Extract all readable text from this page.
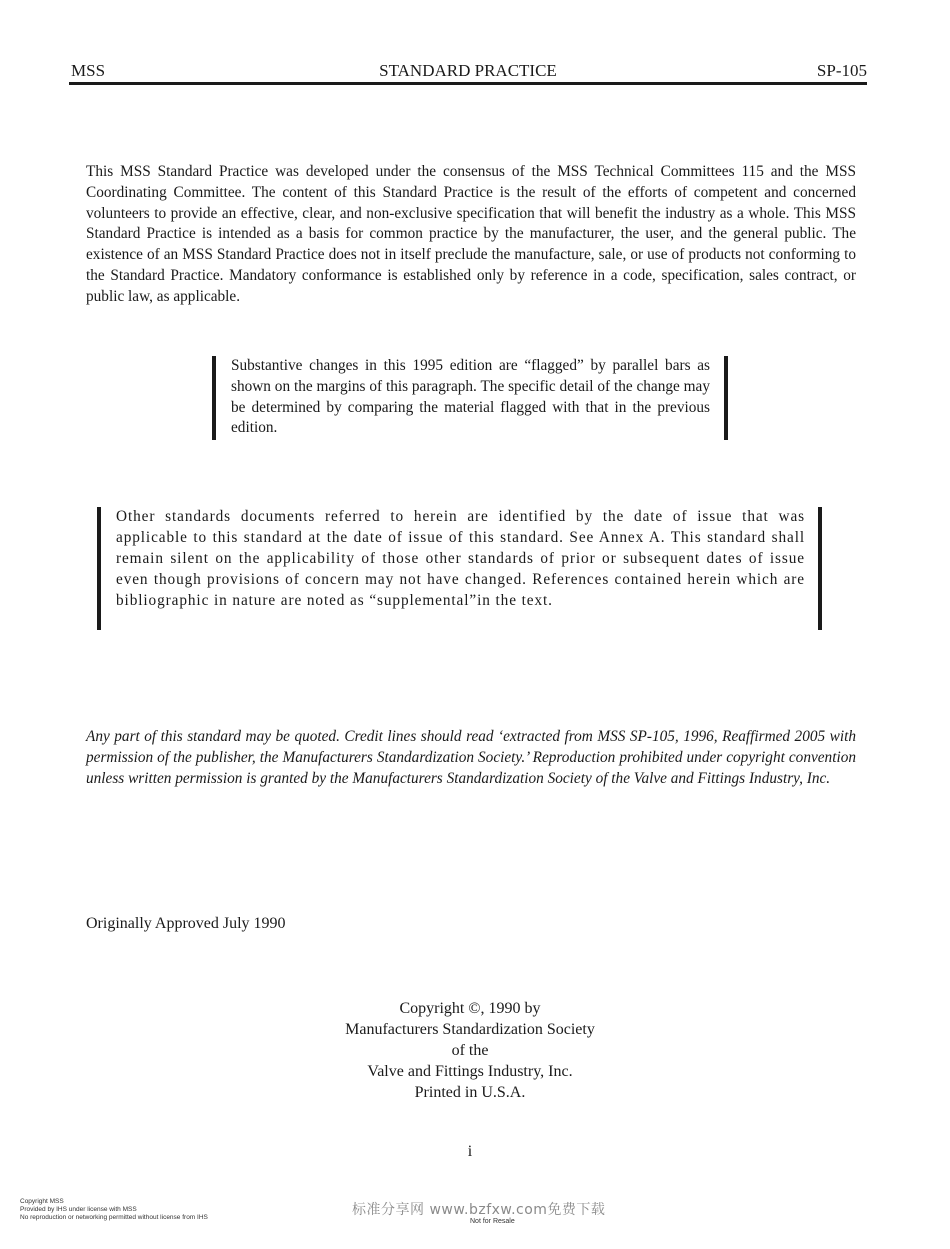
MSS	STANDARD PRACTICE	SP-105

This MSS Standard Practice was developed under the consensus of the MSS Technical Committees 115 and the MSS Coordinating Committee. The content of this Standard Practice is the result of the efforts of competent and concerned volunteers to provide an effective, clear, and non-exclusive specification that will benefit the industry as a whole. This MSS Standard Practice is intended as a basis for common practice by the manufacturer, the user, and the general public. The existence of an MSS Standard Practice does not in itself preclude the manufacture, sale, or use of products not conforming to the Standard Practice. Mandatory conformance is established only by reference in a code, specification, sales contract, or public law, as applicable.

Substantive changes in this 1995 edition are “flagged” by parallel bars as shown on the margins of this paragraph. The specific detail of the change may be determined by comparing the material flagged with that in the previous edition.

Other standards documents referred to herein are identified by the date of issue that was applicable to this standard at the date of issue of this standard. See Annex A. This standard shall remain silent on the applicability of those other standards of prior or subsequent dates of issue even though provisions of concern may not have changed. References contained herein which are bibliographic in nature are noted as “supplemental”in the text.

Any part of this standard may be quoted. Credit lines should read ‘extracted from MSS SP-105, 1996, Reaffirmed 2005 with permission of the publisher, the Manufacturers Standardization Society.’ Reproduction prohibited under copyright convention unless written permission is granted by the Manufacturers Standardization Society of the Valve and Fittings Industry, Inc.

Originally Approved July 1990

Copyright ©, 1990 by
Manufacturers Standardization Society
of the
Valve and Fittings Industry, Inc.
Printed in U.S.A.
i
Copyright MSS
Provided by IHS under license with MSS
No reproduction or networking permitted without license from IHS	标准分享网 www.bzfxw.com免费下载
Not for Resale
